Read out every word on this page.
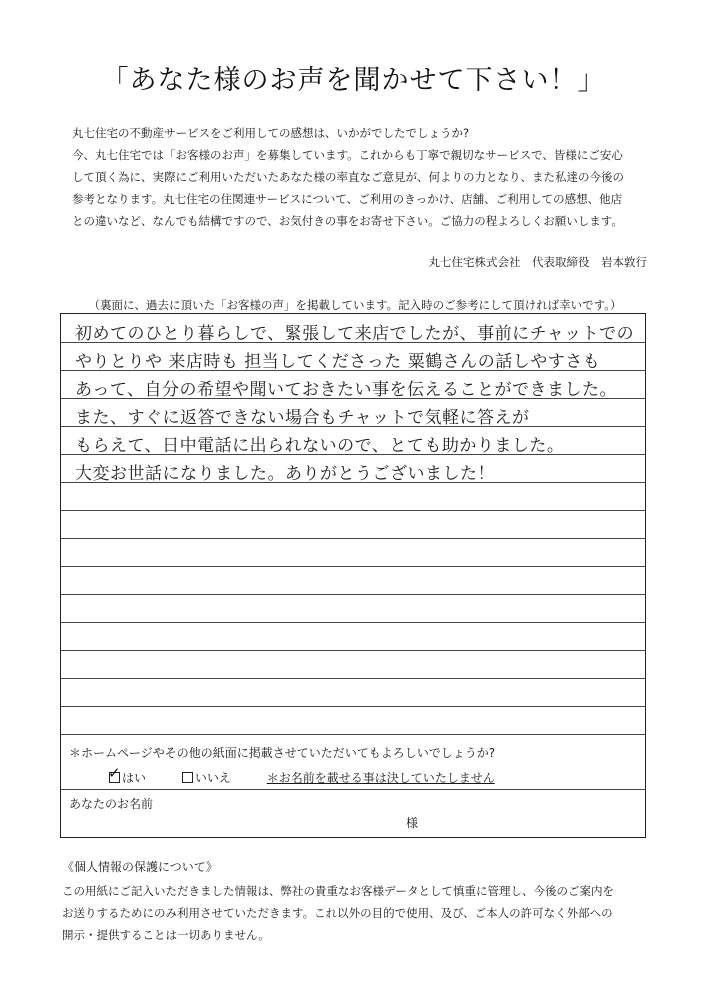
「あなた様のお声を聞かせて下さい！」

丸七住宅の不動産サービスをご利用しての感想は、いかがでしたでしょうか?

今、丸七住宅では「お客様のお声」を募集しています。これからも丁寧で親切なサービスで、皆様にご安心

して頂く為に、実際にご利用いただいたあなた様の率直なご意見が、何よりの力となり、また私達の今後の

参考となります。丸七住宅の住関連サービスについて、ご利用のきっかけ、店舗、ご利用しての感想、他店

との違いなど、なんでも結構ですので、お気付きの事をお寄せ下さい。ご協力の程よろしくお願いします。

丸七住宅株式会社　代表取締役　岩本敦行
（裏面に、過去に頂いた「お客様の声」を掲載しています。記入時のご参考にして頂ければ幸いです。）
初めてのひとり暮らしで、緊張して来店でしたが、事前にチャットでの
やりとりや 来店時も 担当してくださった 粟鶴さんの話しやすさも
あって、自分の希望や聞いておきたい事を伝えることができました。
また、すぐに返答できない場合もチャットで気軽に答えが
もらえて、日中電話に出られないので、とても助かりました。
大変お世話になりました。ありがとうございました！
＊ホームページやその他の紙面に掲載させていただいてもよろしいでしょうか?
✓ はい	いいえ	＊お名前を載せる事は決していたしません
あなたのお名前
様
《個人情報の保護について》

この用紙にご記入いただきました情報は、弊社の貴重なお客様データとして慎重に管理し、今後のご案内を

お送りするためにのみ利用させていただきます。これ以外の目的で使用、及び、ご本人の許可なく外部への

開示・提供することは一切ありません。
